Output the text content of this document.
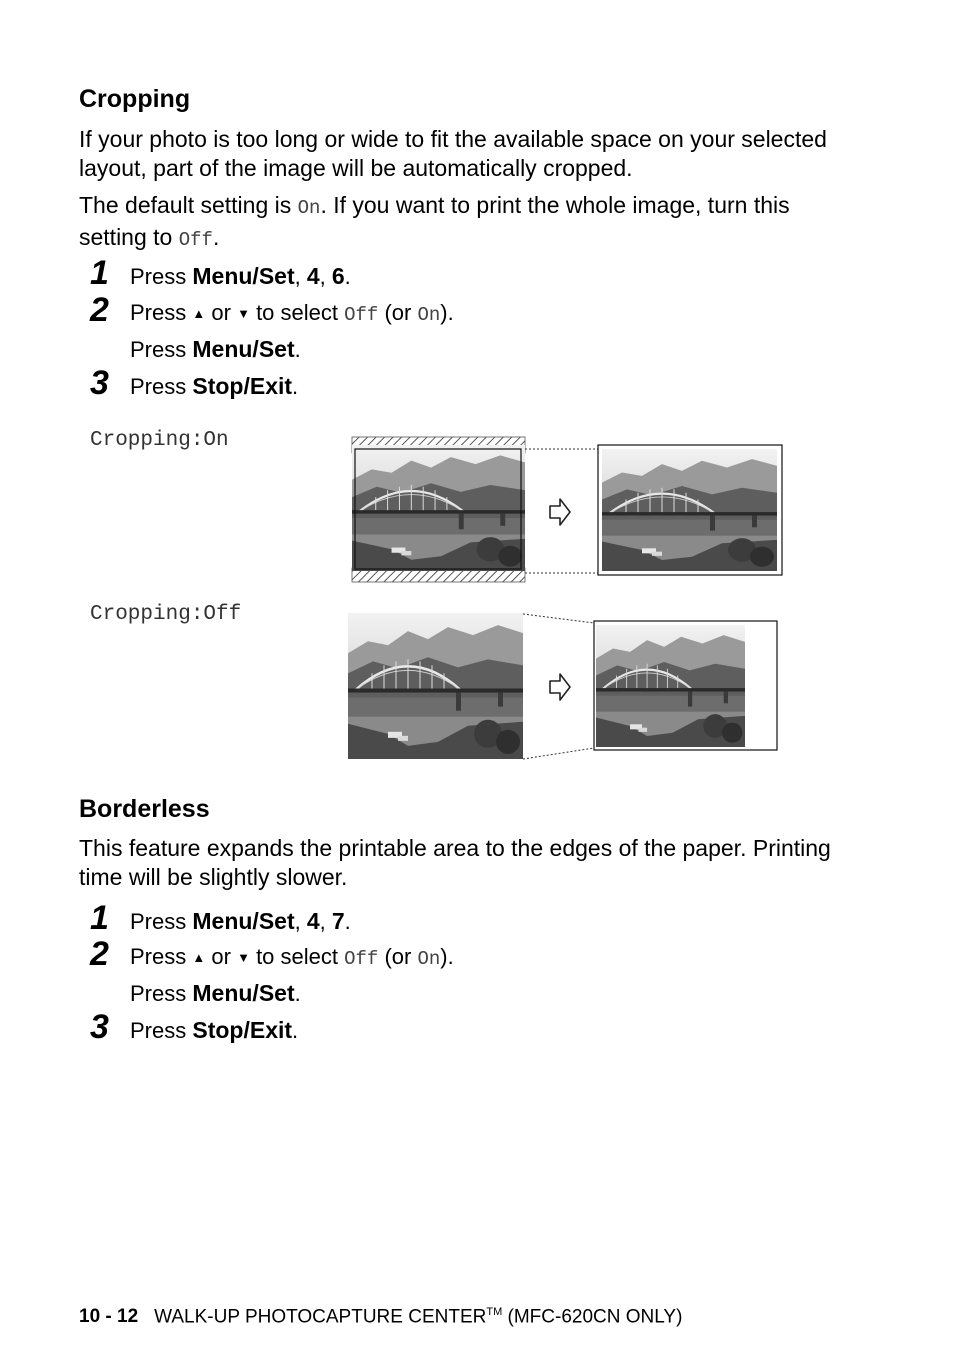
Cropping
If your photo is too long or wide to fit the available space on your selected layout, part of the image will be automatically cropped.
The default setting is On. If you want to print the whole image, turn this setting to Off.
1 Press Menu/Set, 4, 6.
2 Press ▲ or ▼ to select Off (or On).
Press Menu/Set.
3 Press Stop/Exit.
Cropping:On
Cropping:Off
Borderless
This feature expands the printable area to the edges of the paper. Printing time will be slightly slower.
1 Press Menu/Set, 4, 7.
2 Press ▲ or ▼ to select Off (or On).
Press Menu/Set.
3 Press Stop/Exit.
10 - 12 WALK-UP PHOTOCAPTURE CENTER™ (MFC-620CN ONLY)
